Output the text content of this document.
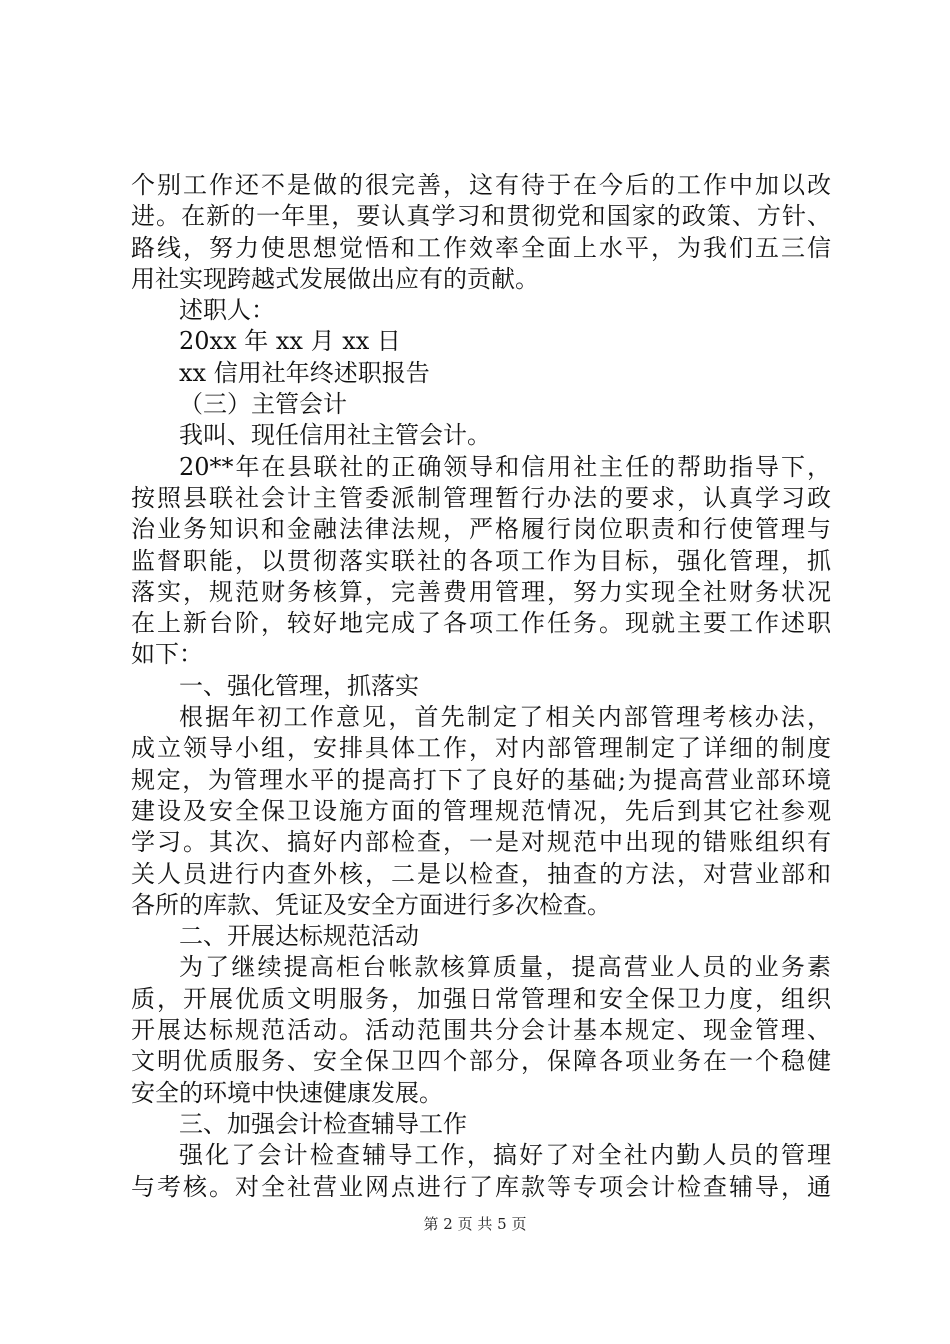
个别工作还不是做的很完善，这有待于在今后的工作中加以改
进。在新的一年里，要认真学习和贯彻党和国家的政策、方针、
路线，努力使思想觉悟和工作效率全面上水平，为我们五三信
用社实现跨越式发展做出应有的贡献。
述职人：
20xx 年 xx 月 xx 日
xx 信用社年终述职报告
（三）主管会计
我叫、现任信用社主管会计。
20**年在县联社的正确领导和信用社主任的帮助指导下，
按照县联社会计主管委派制管理暂行办法的要求，认真学习政
治业务知识和金融法律法规，严格履行岗位职责和行使管理与
监督职能，以贯彻落实联社的各项工作为目标，强化管理，抓
落实，规范财务核算，完善费用管理，努力实现全社财务状况
在上新台阶，较好地完成了各项工作任务。现就主要工作述职
如下：
一、强化管理，抓落实
根据年初工作意见，首先制定了相关内部管理考核办法，
成立领导小组，安排具体工作，对内部管理制定了详细的制度
规定，为管理水平的提高打下了良好的基础;为提高营业部环境
建设及安全保卫设施方面的管理规范情况，先后到其它社参观
学习。其次、搞好内部检查，一是对规范中出现的错账组织有
关人员进行内查外核，二是以检查，抽查的方法，对营业部和
各所的库款、凭证及安全方面进行多次检查。
二、开展达标规范活动
为了继续提高柜台帐款核算质量，提高营业人员的业务素
质，开展优质文明服务，加强日常管理和安全保卫力度，组织
开展达标规范活动。活动范围共分会计基本规定、现金管理、
文明优质服务、安全保卫四个部分，保障各项业务在一个稳健
安全的环境中快速健康发展。
三、加强会计检查辅导工作
强化了会计检查辅导工作，搞好了对全社内勤人员的管理
与考核。对全社营业网点进行了库款等专项会计检查辅导，通
第 2 页 共 5 页
